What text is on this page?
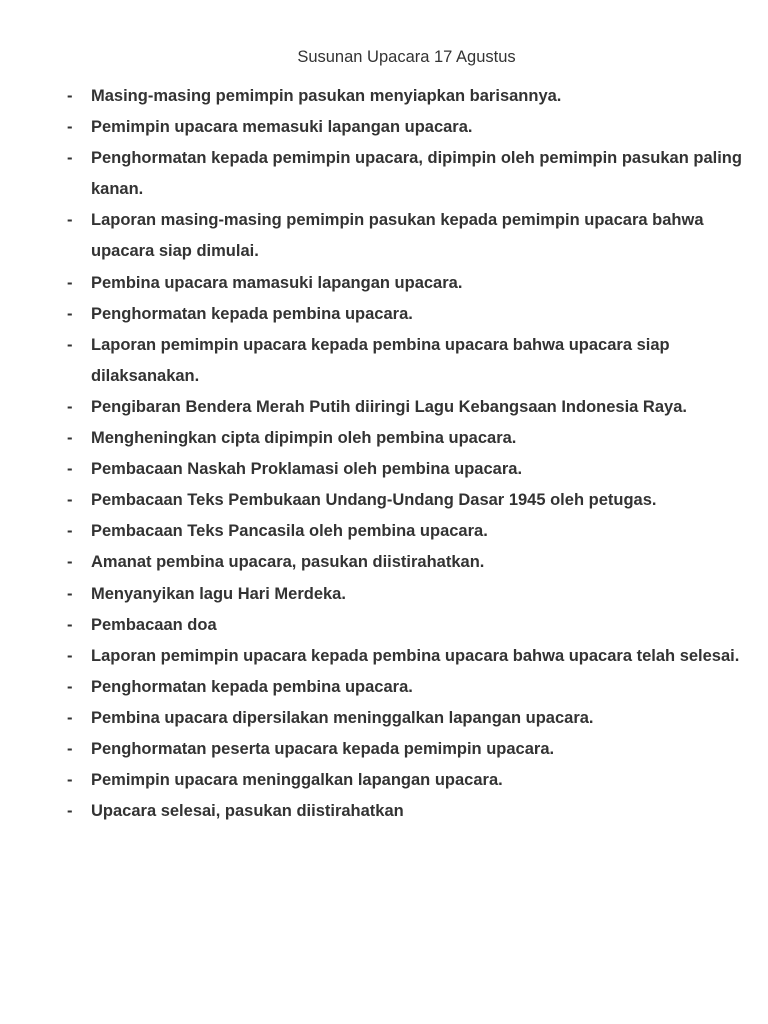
Susunan Upacara 17 Agustus
- Masing-masing pemimpin pasukan menyiapkan barisannya.
- Pemimpin upacara memasuki lapangan upacara.
- Penghormatan kepada pemimpin upacara, dipimpin oleh pemimpin pasukan paling kanan.
- Laporan masing-masing pemimpin pasukan kepada pemimpin upacara bahwa upacara siap dimulai.
- Pembina upacara mamasuki lapangan upacara.
- Penghormatan kepada pembina upacara.
- Laporan pemimpin upacara kepada pembina upacara bahwa upacara siap dilaksanakan.
- Pengibaran Bendera Merah Putih diiringi Lagu Kebangsaan Indonesia Raya.
- Mengheningkan cipta dipimpin oleh pembina upacara.
- Pembacaan Naskah Proklamasi oleh pembina upacara.
- Pembacaan Teks Pembukaan Undang-Undang Dasar 1945 oleh petugas.
- Pembacaan Teks Pancasila oleh pembina upacara.
- Amanat pembina upacara, pasukan diistirahatkan.
- Menyanyikan lagu Hari Merdeka.
- Pembacaan doa
- Laporan pemimpin upacara kepada pembina upacara bahwa upacara telah selesai.
- Penghormatan kepada pembina upacara.
- Pembina upacara dipersilakan meninggalkan lapangan upacara.
- Penghormatan peserta upacara kepada pemimpin upacara.
- Pemimpin upacara meninggalkan lapangan upacara.
- Upacara selesai, pasukan diistirahatkan
